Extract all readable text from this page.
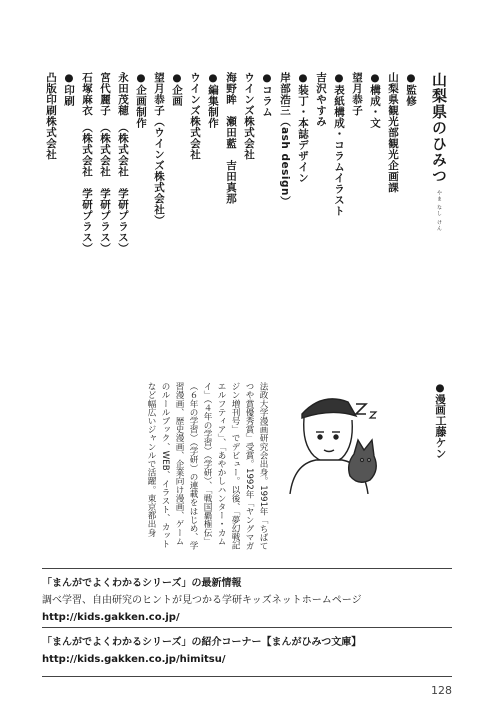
山梨県のひみつ やま なし けん
●監修
山梨県観光部観光企画課
●構成・文
望月恭子
●表紙構成・コラムイラスト
吉沢やすみ
●装丁・本誌デザイン
岸部浩三（ash design）
●コラム
ウインズ株式会社
海野眸　瀬田藍　吉田真那
●編集制作
ウインズ株式会社
●企画
望月恭子（ウインズ株式会社）
●企画制作
永田茂穂　（株式会社　学研プラス）
宮代麗子　（株式会社　学研プラス）
石塚麻衣　（株式会社　学研プラス）
●印刷
凸版印刷株式会社
●漫画
工藤ケン
法政大学漫画研究会出身。1991年「ちばてつや賞優秀賞」受賞。1992年「ヤングマガジン増刊号」でデビュー。以後、「夢幻戦記エルフティア」、「あやかしハンター・カムイ」（４年の学習）（学研）、「戦国覇権伝」（６年の学習）（学研）の連載をはじめ、学習漫画、歴史漫画、企業向け漫画、ゲームのルールブック、WEB、イラスト、カットなど幅広いジャンルで活躍。東京都出身
「まんがでよくわかるシリーズ」の最新情報
調べ学習、自由研究のヒントが見つかる学研キッズネットホームページ
http://kids.gakken.co.jp/
「まんがでよくわかるシリーズ」の紹介コーナー【まんがひみつ文庫】
http://kids.gakken.co.jp/himitsu/
128
